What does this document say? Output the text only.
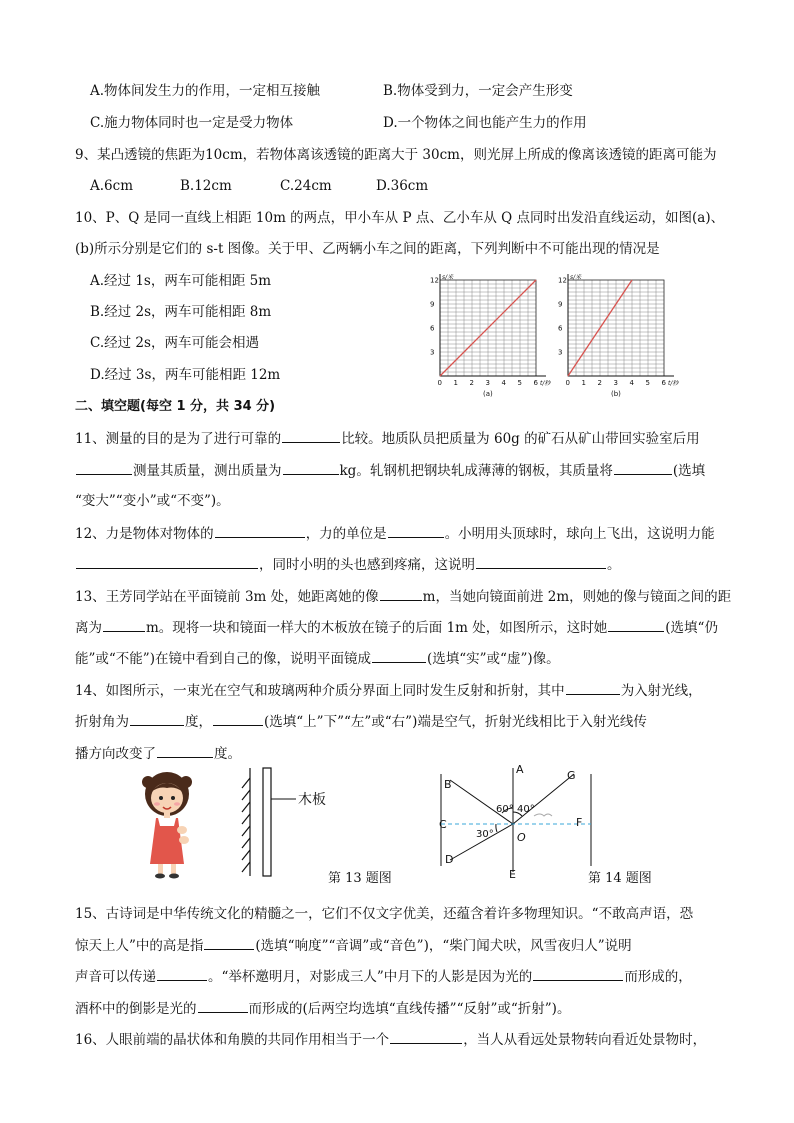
A.物体间发生力的作用，一定相互接触	B.物体受到力，一定会产生形变
C.施力物体同时也一定是受力物体	D.一个物体之间也能产生力的作用
9、某凸透镜的焦距为10cm，若物体离该透镜的距离大于 30cm，则光屏上所成的像离该透镜的距离可能为
A.6cm	B.12cm	C.24cm	D.36cm
10、P、Q 是同一直线上相距 10m 的两点，甲小车从 P 点、乙小车从 Q 点同时出发沿直线运动，如图(a)、
(b)所示分别是它们的 s-t 图像。关于甲、乙两辆小车之间的距离，下列判断中不可能出现的情况是
A.经过 1s，两车可能相距 5m
B.经过 2s，两车可能相距 8m
C.经过 2s，两车可能会相遇
D.经过 3s，两车可能相距 12m	0 1 2 3 4 5 6
12
9
6
3
s/米
t/秒
(a)
0 1 2 3 4 5 6
12
9
6
3
s/米
t/秒
(b)
二、填空题(每空 1 分，共 34 分)
11、测量的目的是为了进行可靠的	比较。地质队员把质量为 60g 的矿石从矿山带回实验室后用
测量其质量，测出质量为	kg。轧钢机把钢块轧成薄薄的钢板，其质量将	(选填
“变大”“变小”或“不变”)。
12、力是物体对物体的	，力的单位是	。小明用头顶球时，球向上飞出，这说明力能
，同时小明的头也感到疼痛，这说明	。
13、王芳同学站在平面镜前 3m 处，她距离她的像	m，当她向镜面前进 2m，则她的像与镜面之间的距
离为	m。现将一块和镜面一样大的木板放在镜子的后面 1m 处，如图所示，这时她	(选填“仍
能”或“不能”)在镜中看到自己的像，说明平面镜成	(选填“实”或“虚”)像。
14、如图所示，一束光在空气和玻璃两种介质分界面上同时发生反射和折射，其中	为入射光线，
折射角为	度，	(选填“上”下”“左”或“右”)端是空气，折射光线相比于入射光线传
播方向改变了	度。
木板
第 13 题图
A
B
C
D
E
F
G
O
60° 40°
30°
第 14 题图
15、古诗词是中华传统文化的精髓之一，它们不仅文字优美，还蕴含着许多物理知识。“不敢高声语，恐
惊天上人”中的高是指	(选填“响度”“音调”或“音色”)，“柴门闻犬吠，风雪夜归人”说明
声音可以传递	。“举杯邀明月，对影成三人”中月下的人影是因为光的	而形成的，
酒杯中的倒影是光的	而形成的(后两空均选填“直线传播”“反射”或“折射”)。
16、人眼前端的晶状体和角膜的共同作用相当于一个	，当人从看远处景物转向看近处景物时，
